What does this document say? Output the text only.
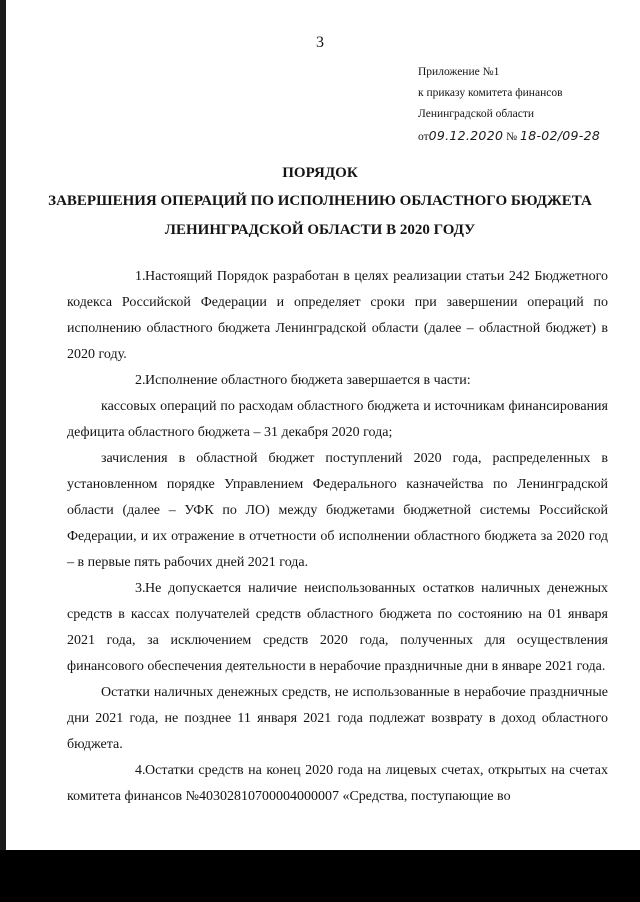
3
Приложение №1
к приказу комитета финансов
Ленинградской области
от09.12.2020 № 18-02/09-28
ПОРЯДОК
ЗАВЕРШЕНИЯ ОПЕРАЦИЙ ПО ИСПОЛНЕНИЮ ОБЛАСТНОГО БЮДЖЕТА
ЛЕНИНГРАДСКОЙ ОБЛАСТИ В 2020 ГОДУ

1.Настоящий Порядок разработан в целях реализации статьи 242 Бюджетного кодекса Российской Федерации и определяет сроки при завершении операций по исполнению областного бюджета Ленинградской области (далее – областной бюджет) в 2020 году.

2.Исполнение областного бюджета завершается в части:

кассовых операций по расходам областного бюджета и источникам финансирования дефицита областного бюджета – 31 декабря 2020 года;

зачисления в областной бюджет поступлений 2020 года, распределенных в установленном порядке Управлением Федерального казначейства по Ленинградской области (далее – УФК по ЛО) между бюджетами бюджетной системы Российской Федерации, и их отражение в отчетности об исполнении областного бюджета за 2020 год – в первые пять рабочих дней 2021 года.

3.Не допускается наличие неиспользованных остатков наличных денежных средств в кассах получателей средств областного бюджета по состоянию на 01 января 2021 года, за исключением средств 2020 года, полученных для осуществления финансового обеспечения деятельности в нерабочие праздничные дни в январе 2021 года.

Остатки наличных денежных средств, не использованные в нерабочие праздничные дни 2021 года, не позднее 11 января 2021 года подлежат возврату в доход областного бюджета.

4.Остатки средств на конец 2020 года на лицевых счетах, открытых на счетах комитета финансов №40302810700004000007 «Средства, поступающие во
